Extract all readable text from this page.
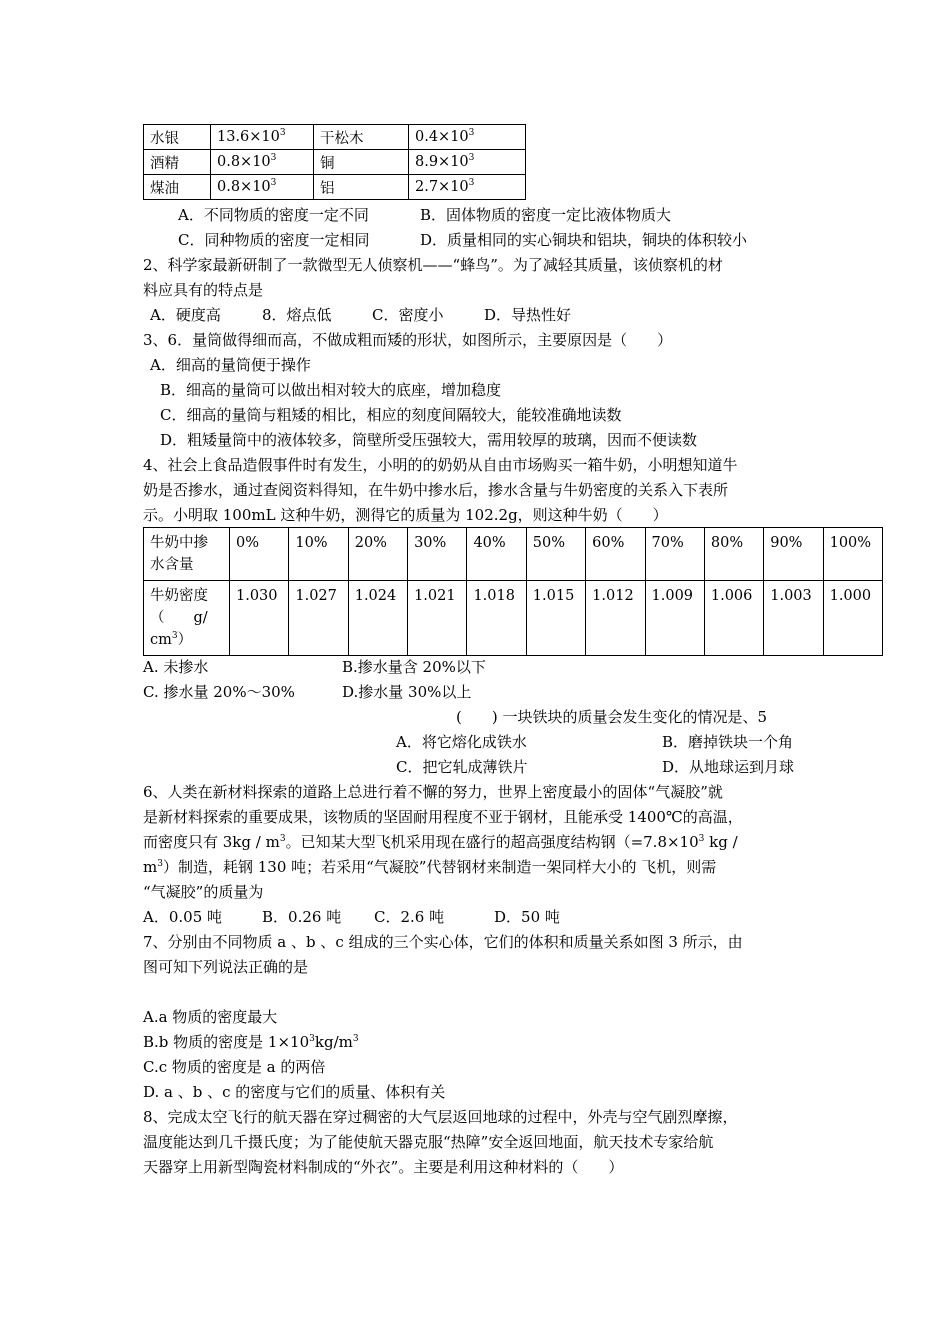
水银	$13.6\times 10^3$	干松木	$0.4\times 10^3$
酒精	$0.8\times 10^3$	铜	$8.9\times 10^3$
煤油	$0.8\times 10^3$	铝	$2.7\times 10^3$
A．不同物质的密度一定不同	B．固体物质的密度一定比液体物质大
C．同种物质的密度一定相同	D．质量相同的实心铜块和铝块，铜块的体积较小
2、科学家最新研制了一款微型无人侦察机——“蜂鸟”。为了减轻其质量，该侦察机的材
料应具有的特点是
A．硬度高	8．熔点低	C．密度小	D．导热性好
3、6．量筒做得细而高，不做成粗而矮的形状，如图所示，主要原因是（　　）
A．细高的量筒便于操作
B．细高的量筒可以做出相对较大的底座，增加稳度
C．细高的量筒与粗矮的相比，相应的刻度间隔较大，能较准确地读数
D．粗矮量筒中的液体较多，筒壁所受压强较大，需用较厚的玻璃，因而不便读数
4、社会上食品造假事件时有发生，小明的的奶奶从自由市场购买一箱牛奶，小明想知道牛
奶是否掺水，通过查阅资料得知，在牛奶中掺水后，掺水含量与牛奶密度的关系入下表所
示。小明取 100mL 这种牛奶，测得它的质量为 102.2g，则这种牛奶（　　）
牛奶中掺
水含量	0%	10%	20%	30%	40%	50%	60%	70%	80%	90%	100%
牛奶密度
（　　g/
$cm^3$）	1.030	1.027	1.024	1.021	1.018	1.015	1.012	1.009	1.006	1.003	1.000
A. 未掺水	B.掺水量含 20%以下
C. 掺水量 20%～30%	D.掺水量 30%以上
(　　) 一块铁块的质量会发生变化的情况是、5
A．将它熔化成铁水	B．磨掉铁块一个角
C．把它轧成薄铁片	D．从地球运到月球
6、人类在新材料探索的道路上总进行着不懈的努力，世界上密度最小的固体“气凝胶”就
是新材料探索的重要成果，该物质的坚固耐用程度不亚于钢材，且能承受 1400℃的高温，
而密度只有 $3kg / m^3$。已知某大型飞机采用现在盛行的超高强度结构钢（$=7.8\times 10^3$ kg /
$m^3$）制造，耗钢 130 吨；若采用“气凝胶”代替钢材来制造一架同样大小的 飞机，则需
“气凝胶”的质量为
A．0.05 吨	B．0.26 吨 C．2.6 吨	D．50 吨
7、分别由不同物质 a 、b 、c 组成的三个实心体，它们的体积和质量关系如图 3 所示，由
图可知下列说法正确的是
A.a 物质的密度最大
B.b 物质的密度是 $1\times 10^3kg/m^3$
C.c 物质的密度是 a 的两倍
D. a 、b 、c 的密度与它们的质量、体积有关
8、完成太空飞行的航天器在穿过稠密的大气层返回地球的过程中，外壳与空气剧烈摩擦，
温度能达到几千摄氏度；为了能使航天器克服“热障”安全返回地面，航天技术专家给航
天器穿上用新型陶瓷材料制成的“外衣”。主要是利用这种材料的（　　）
